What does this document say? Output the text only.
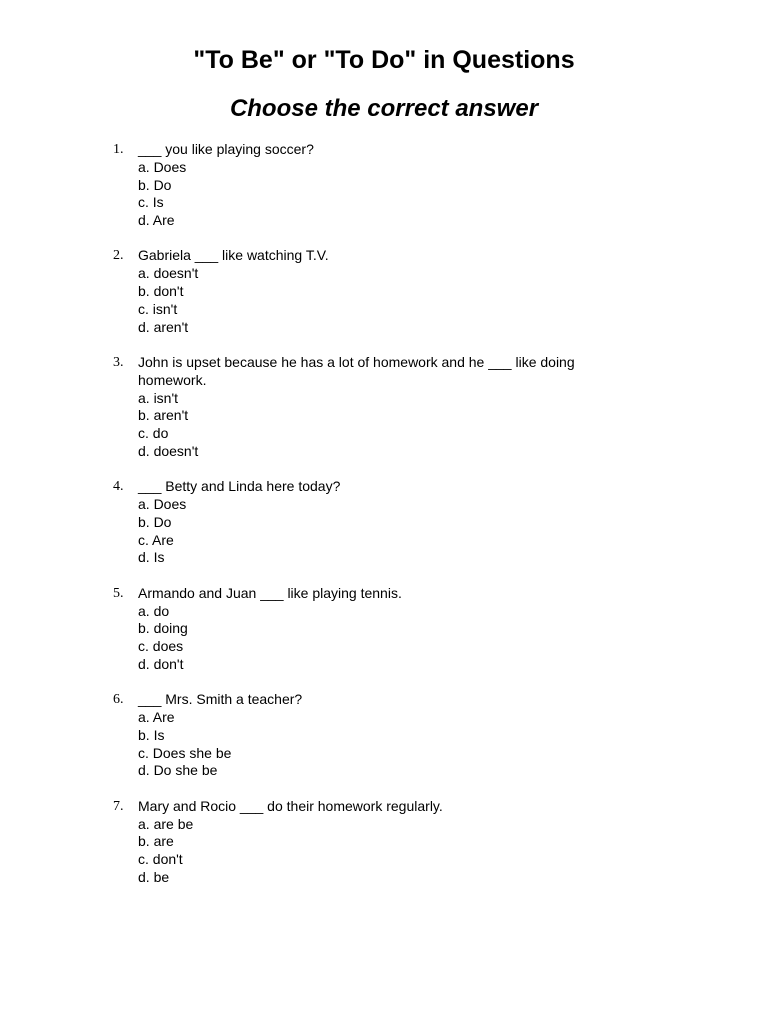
"To Be" or "To Do" in Questions
Choose the correct answer
1.	___ you like playing soccer?
a. Does
b. Do
c. Is
d. Are
2.	Gabriela ___ like watching T.V.
a. doesn't
b. don't
c. isn't
d. aren't
3.	John is upset because he has a lot of homework and he ___ like doing homework.
a. isn't
b. aren't
c. do
d. doesn't
4.	___ Betty and Linda here today?
a. Does
b. Do
c. Are
d. Is
5.	Armando and Juan ___ like playing tennis.
a. do
b. doing
c. does
d. don't
6.	___ Mrs. Smith a teacher?
a. Are
b. Is
c. Does she be
d. Do she be
7.	Mary and Rocio ___ do their homework regularly.
a. are be
b. are
c. don't
d. be
